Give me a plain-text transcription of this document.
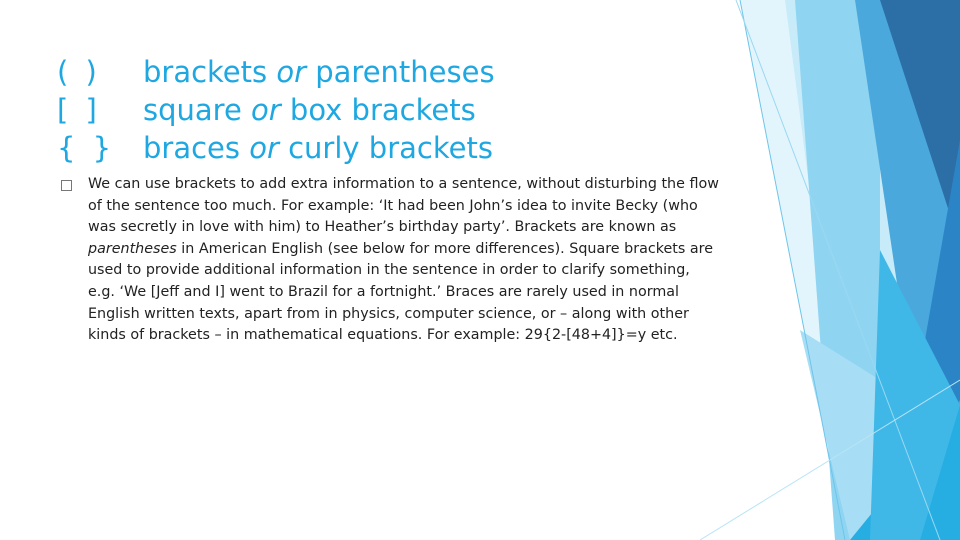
( )	brackets or parentheses
[ ]	square or box brackets
{ } braces or curly brackets
We can use brackets to add extra information to a sentence, without disturbing the flow of the sentence too much. For example: ‘It had been John’s idea to invite Becky (who was secretly in love with him) to Heather’s birthday party’. Brackets are known as parentheses in American English (see below for more differences). Square brackets are used to provide additional information in the sentence in order to clarify something, e.g. ‘We [Jeff and I] went to Brazil for a fortnight.’ Braces are rarely used in normal English written texts, apart from in physics, computer science, or – along with other kinds of brackets – in mathematical equations. For example: 29{2-[48+4]}=y etc.
